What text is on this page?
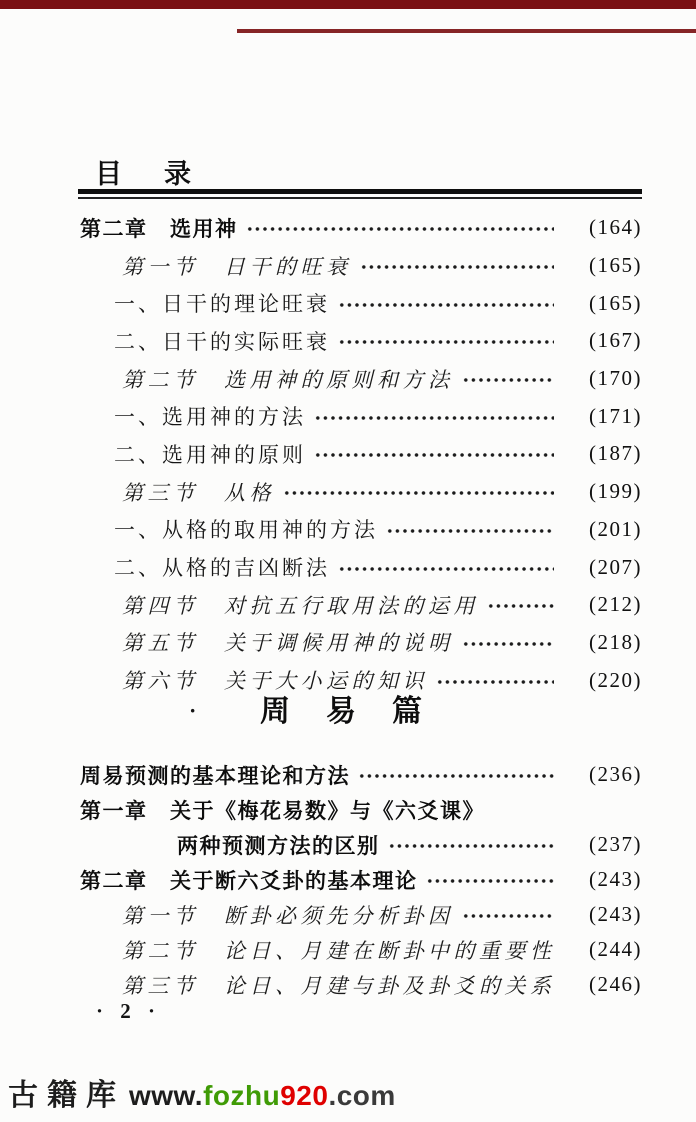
目录
第二章　选用神	(164)
第一节　日干的旺衰	(165)
一、日干的理论旺衰	(165)
二、日干的实际旺衰	(167)
第二节　选用神的原则和方法	(170)
一、选用神的方法	(171)
二、选用神的原则	(187)
第三节　从格	(199)
一、从格的取用神的方法	(201)
二、从格的吉凶断法	(207)
第四节　对抗五行取用法的运用	(212)
第五节　关于调候用神的说明	(218)
第六节　关于大小运的知识	(220)
·	周易篇
周易预测的基本理论和方法	(236)
第一章　关于《梅花易数》与《六爻课》
两种预测方法的区别	(237)
第二章　关于断六爻卦的基本理论	(243)
第一节　断卦必须先分析卦因	(243)
第二节　论日、月建在断卦中的重要性	(244)
第三节　论日、月建与卦及卦爻的关系	(246)
· 2 ·
古籍库 www.fozhu920.com
